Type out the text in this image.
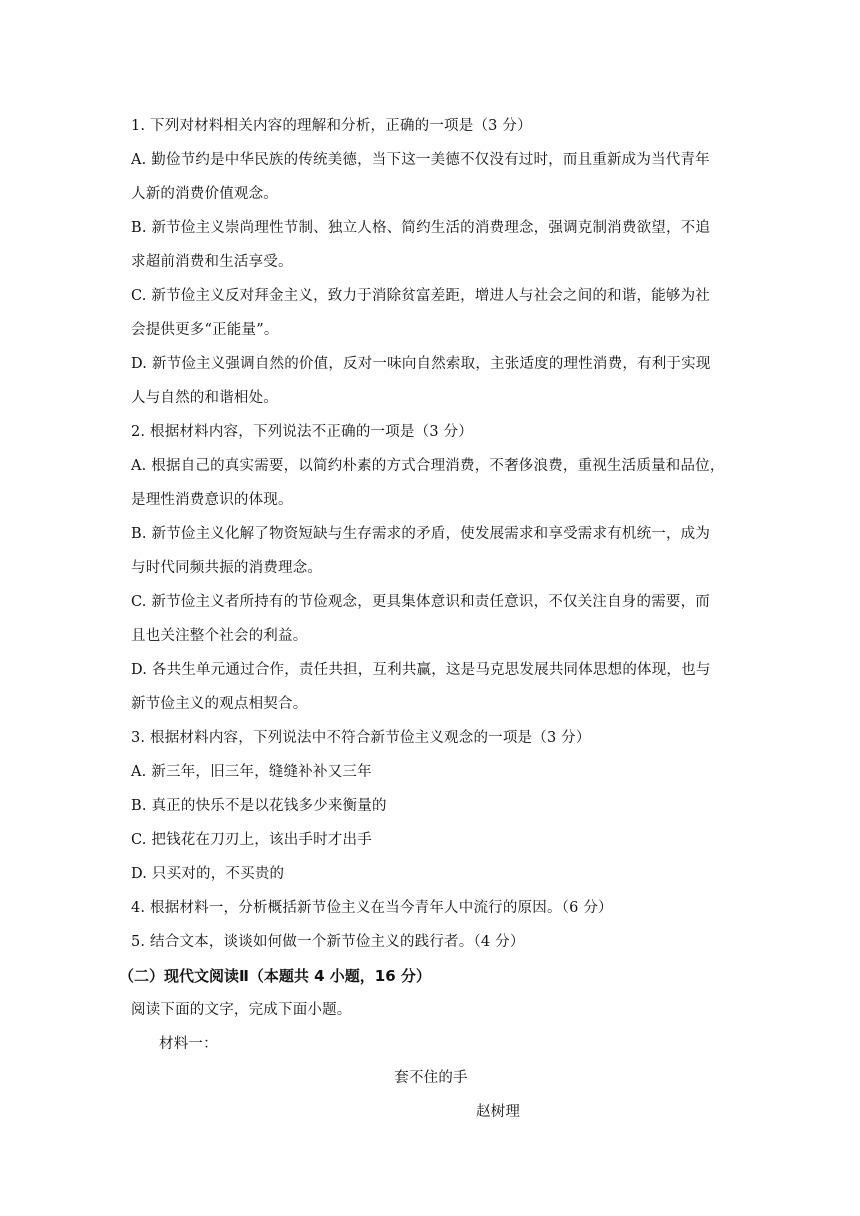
1. 下列对材料相关内容的理解和分析，正确的一项是（3 分）
A. 勤俭节约是中华民族的传统美德，当下这一美德不仅没有过时，而且重新成为当代青年
人新的消费价值观念。
B. 新节俭主义崇尚理性节制、独立人格、简约生活的消费理念，强调克制消费欲望，不追
求超前消费和生活享受。
C. 新节俭主义反对拜金主义，致力于消除贫富差距，增进人与社会之间的和谐，能够为社
会提供更多“正能量”。
D. 新节俭主义强调自然的价值，反对一味向自然索取，主张适度的理性消费，有利于实现
人与自然的和谐相处。
2. 根据材料内容，下列说法不正确的一项是（3 分）
A. 根据自己的真实需要，以简约朴素的方式合理消费，不奢侈浪费，重视生活质量和品位，
是理性消费意识的体现。
B. 新节俭主义化解了物资短缺与生存需求的矛盾，使发展需求和享受需求有机统一，成为
与时代同频共振的消费理念。
C. 新节俭主义者所持有的节俭观念，更具集体意识和责任意识，不仅关注自身的需要，而
且也关注整个社会的利益。
D. 各共生单元通过合作，责任共担，互利共赢，这是马克思发展共同体思想的体现，也与
新节俭主义的观点相契合。
3. 根据材料内容，下列说法中不符合新节俭主义观念的一项是（3 分）
A. 新三年，旧三年，缝缝补补又三年
B. 真正的快乐不是以花钱多少来衡量的
C. 把钱花在刀刃上，该出手时才出手
D. 只买对的，不买贵的
4. 根据材料一，分析概括新节俭主义在当今青年人中流行的原因。（6 分）
5. 结合文本，谈谈如何做一个新节俭主义的践行者。（4 分）
（二）现代文阅读Ⅱ（本题共 4 小题，16 分）
阅读下面的文字，完成下面小题。
材料一：
套不住的手
赵树理
